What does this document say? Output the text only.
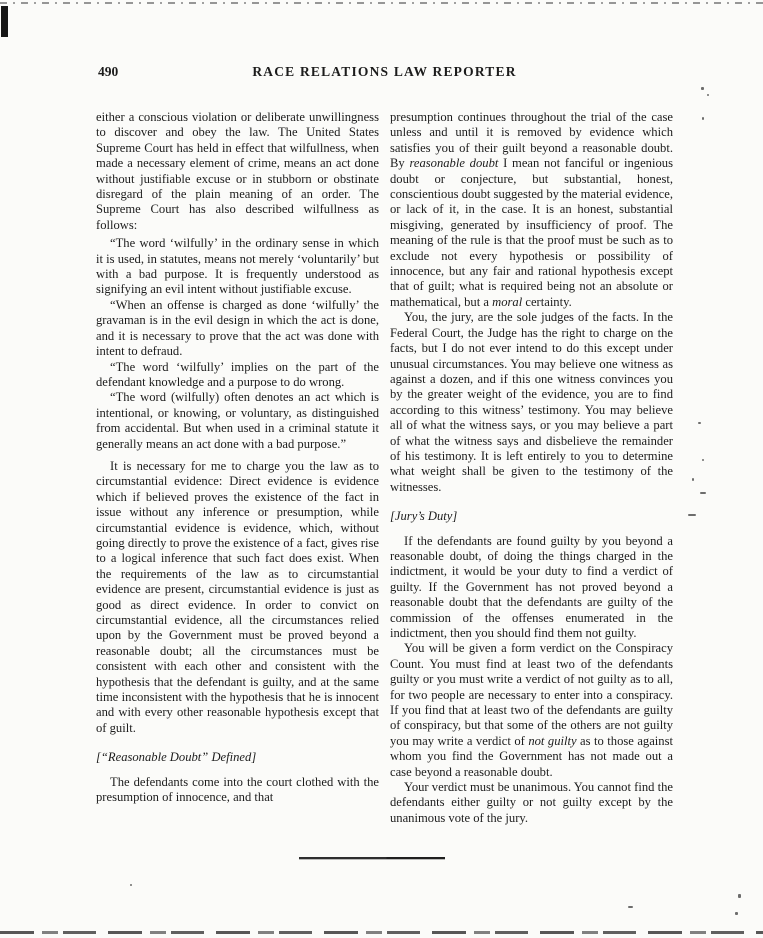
490	RACE RELATIONS LAW REPORTER

either a conscious violation or deliberate unwillingness to discover and obey the law. The United States Supreme Court has held in effect that wilfullness, when made a necessary element of crime, means an act done without justifiable excuse or in stubborn or obstinate disregard of the plain meaning of an order. The Supreme Court has also described wilfullness as follows:

“The word ‘wilfully’ in the ordinary sense in which it is used, in statutes, means not merely ‘voluntarily’ but with a bad purpose. It is frequently understood as signifying an evil intent without justifiable excuse.

“When an offense is charged as done ‘wilfully’ the gravaman is in the evil design in which the act is done, and it is necessary to prove that the act was done with intent to defraud.

“The word ‘wilfully’ implies on the part of the defendant knowledge and a purpose to do wrong.

“The word (wilfully) often denotes an act which is intentional, or knowing, or voluntary, as distinguished from accidental. But when used in a criminal statute it generally means an act done with a bad purpose.”

It is necessary for me to charge you the law as to circumstantial evidence: Direct evidence is evidence which if believed proves the existence of the fact in issue without any inference or presumption, while circumstantial evidence is evidence, which, without going directly to prove the existence of a fact, gives rise to a logical inference that such fact does exist. When the requirements of the law as to circumstantial evidence are present, circumstantial evidence is just as good as direct evidence. In order to convict on circumstantial evidence, all the circumstances relied upon by the Government must be proved beyond a reasonable doubt; all the circumstances must be consistent with each other and consistent with the hypothesis that the defendant is guilty, and at the same time inconsistent with the hypothesis that he is innocent and with every other reasonable hypothesis except that of guilt.

[“Reasonable Doubt” Defined]

The defendants come into the court clothed with the presumption of innocence, and that

presumption continues throughout the trial of the case unless and until it is removed by evidence which satisfies you of their guilt beyond a reasonable doubt. By reasonable doubt I mean not fanciful or ingenious doubt or conjecture, but substantial, honest, conscientious doubt suggested by the material evidence, or lack of it, in the case. It is an honest, substantial misgiving, generated by insufficiency of proof. The meaning of the rule is that the proof must be such as to exclude not every hypothesis or possibility of innocence, but any fair and rational hypothesis except that of guilt; what is required being not an absolute or mathematical, but a moral certainty.

You, the jury, are the sole judges of the facts. In the Federal Court, the Judge has the right to charge on the facts, but I do not ever intend to do this except under unusual circumstances. You may believe one witness as against a dozen, and if this one witness convinces you by the greater weight of the evidence, you are to find according to this witness’ testimony. You may believe all of what the witness says, or you may believe a part of what the witness says and disbelieve the remainder of his testimony. It is left entirely to you to determine what weight shall be given to the testimony of the witnesses.

[Jury’s Duty]

If the defendants are found guilty by you beyond a reasonable doubt, of doing the things charged in the indictment, it would be your duty to find a verdict of guilty. If the Government has not proved beyond a reasonable doubt that the defendants are guilty of the commission of the offenses enumerated in the indictment, then you should find them not guilty.

You will be given a form verdict on the Conspiracy Count. You must find at least two of the defendants guilty or you must write a verdict of not guilty as to all, for two people are necessary to enter into a conspiracy. If you find that at least two of the defendants are guilty of conspiracy, but that some of the others are not guilty you may write a verdict of not guilty as to those against whom you find the Government has not made out a case beyond a reasonable doubt.

Your verdict must be unanimous. You cannot find the defendants either guilty or not guilty except by the unanimous vote of the jury.
